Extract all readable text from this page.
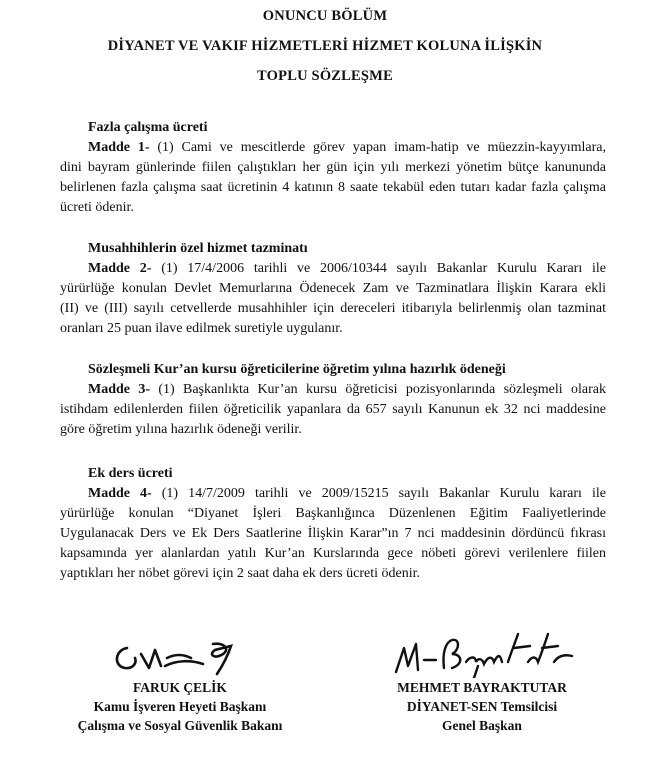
ONUNCU BÖLÜM
DİYANET VE VAKIF HİZMETLERİ HİZMET KOLUNA İLİŞKİN
TOPLU SÖZLEŞME
Fazla çalışma ücreti
Madde 1- (1) Cami ve mescitlerde görev yapan imam-hatip ve müezzin-kayyımlara,
dini bayram günlerinde fiilen çalıştıkları her gün için yılı merkezi yönetim bütçe kanununda
belirlenen fazla çalışma saat ücretinin 4 katının 8 saate tekabül eden tutarı kadar fazla çalışma
ücreti ödenir.
Musahhihlerin özel hizmet tazminatı
Madde 2- (1) 17/4/2006 tarihli ve 2006/10344 sayılı Bakanlar Kurulu Kararı ile
yürürlüğe konulan Devlet Memurlarına Ödenecek Zam ve Tazminatlara İlişkin Karara ekli
(II) ve (III) sayılı cetvellerde musahhihler için dereceleri itibarıyla belirlenmiş olan tazminat
oranları 25 puan ilave edilmek suretiyle uygulanır.
Sözleşmeli Kur’an kursu öğreticilerine öğretim yılına hazırlık ödeneği
Madde 3- (1) Başkanlıkta Kur’an kursu öğreticisi pozisyonlarında sözleşmeli olarak
istihdam edilenlerden fiilen öğreticilik yapanlara da 657 sayılı Kanunun ek 32 nci maddesine
göre öğretim yılına hazırlık ödeneği verilir.
Ek ders ücreti
Madde 4- (1) 14/7/2009 tarihli ve 2009/15215 sayılı Bakanlar Kurulu kararı ile
yürürlüğe konulan “Diyanet İşleri Başkanlığınca Düzenlenen Eğitim Faaliyetlerinde
Uygulanacak Ders ve Ek Ders Saatlerine İlişkin Karar”ın 7 nci maddesinin dördüncü fıkrası
kapsamında yer alanlardan yatılı Kur’an Kurslarında gece nöbeti görevi verilenlere fiilen
yaptıkları her nöbet görevi için 2 saat daha ek ders ücreti ödenir.
FARUK ÇELİK
Kamu İşveren Heyeti Başkanı
Çalışma ve Sosyal Güvenlik Bakanı
MEHMET BAYRAKTUTAR
DİYANET-SEN Temsilcisi
Genel Başkan
